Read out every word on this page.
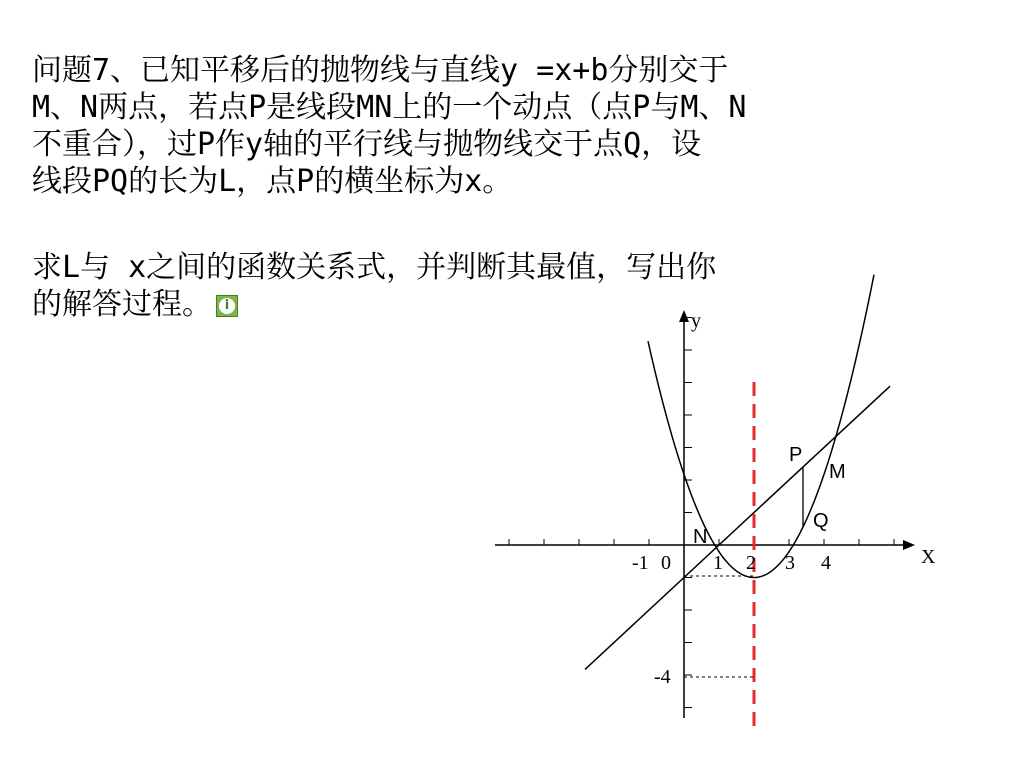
问题7、已知平移后的抛物线与直线y =x+b分别交于
M、N两点，若点P是线段MN上的一个动点（点P与M、N
不重合），过P作y轴的平行线与抛物线交于点Q，设
线段PQ的长为L，点P的横坐标为x。
求L与 x之间的函数关系式，并判断其最值，写出你
的解答过程。 i
y
X
0
-1	1 2 3 4
-4
P
M
N
Q
